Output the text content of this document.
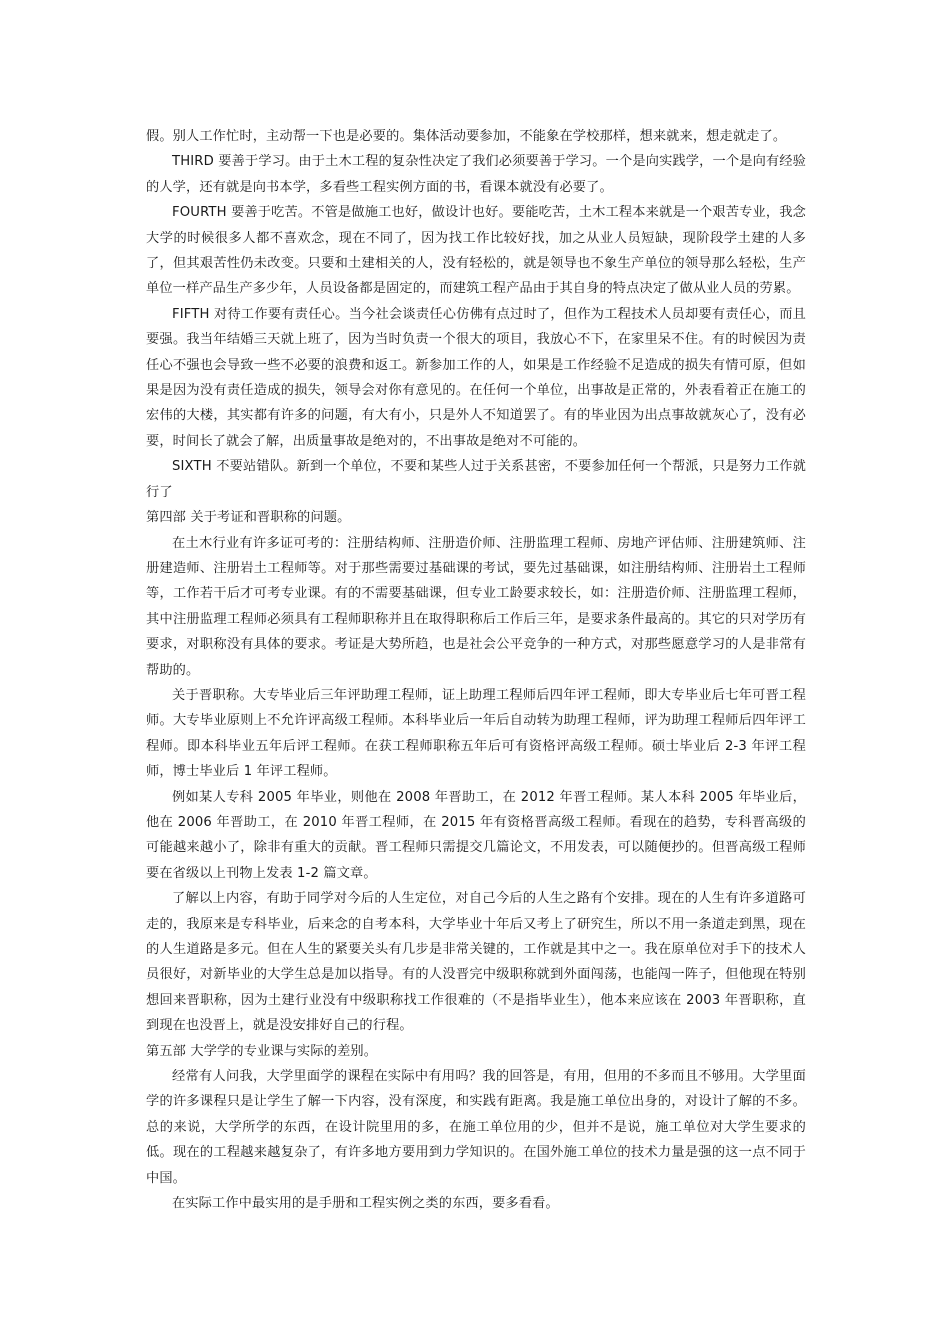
假。别人工作忙时，主动帮一下也是必要的。集体活动要参加，不能象在学校那样，想来就来，想走就走了。

THIRD 要善于学习。由于土木工程的复杂性决定了我们必须要善于学习。一个是向实践学，一个是向有经验的人学，还有就是向书本学，多看些工程实例方面的书，看课本就没有必要了。

FOURTH 要善于吃苦。不管是做施工也好，做设计也好。要能吃苦，土木工程本来就是一个艰苦专业，我念大学的时候很多人都不喜欢念，现在不同了，因为找工作比较好找，加之从业人员短缺，现阶段学土建的人多了，但其艰苦性仍未改变。只要和土建相关的人，没有轻松的，就是领导也不象生产单位的领导那么轻松，生产单位一样产品生产多少年，人员设备都是固定的，而建筑工程产品由于其自身的特点决定了做从业人员的劳累。

FIFTH 对待工作要有责任心。当今社会谈责任心仿佛有点过时了，但作为工程技术人员却要有责任心，而且要强。我当年结婚三天就上班了，因为当时负责一个很大的项目，我放心不下，在家里呆不住。有的时候因为责任心不强也会导致一些不必要的浪费和返工。新参加工作的人，如果是工作经验不足造成的损失有情可原，但如果是因为没有责任造成的损失，领导会对你有意见的。在任何一个单位，出事故是正常的，外表看着正在施工的宏伟的大楼，其实都有许多的问题，有大有小，只是外人不知道罢了。有的毕业因为出点事故就灰心了，没有必要，时间长了就会了解，出质量事故是绝对的，不出事故是绝对不可能的。

SIXTH 不要站错队。新到一个单位，不要和某些人过于关系甚密，不要参加任何一个帮派，只是努力工作就行了

第四部 关于考证和晋职称的问题。

在土木行业有许多证可考的：注册结构师、注册造价师、注册监理工程师、房地产评估师、注册建筑师、注册建造师、注册岩土工程师等。对于那些需要过基础课的考试，要先过基础课，如注册结构师、注册岩土工程师等，工作若干后才可考专业课。有的不需要基础课，但专业工龄要求较长，如：注册造价师、注册监理工程师，其中注册监理工程师必须具有工程师职称并且在取得职称后工作后三年，是要求条件最高的。其它的只对学历有要求，对职称没有具体的要求。考证是大势所趋，也是社会公平竞争的一种方式，对那些愿意学习的人是非常有帮助的。

关于晋职称。大专毕业后三年评助理工程师，证上助理工程师后四年评工程师，即大专毕业后七年可晋工程师。大专毕业原则上不允许评高级工程师。本科毕业后一年后自动转为助理工程师，评为助理工程师后四年评工程师。即本科毕业五年后评工程师。在获工程师职称五年后可有资格评高级工程师。硕士毕业后 2-3 年评工程师，博士毕业后 1 年评工程师。

例如某人专科 2005 年毕业，则他在 2008 年晋助工，在 2012 年晋工程师。某人本科 2005 年毕业后，他在 2006 年晋助工，在 2010 年晋工程师，在 2015 年有资格晋高级工程师。看现在的趋势，专科晋高级的可能越来越小了，除非有重大的贡献。晋工程师只需提交几篇论文，不用发表，可以随便抄的。但晋高级工程师要在省级以上刊物上发表 1-2 篇文章。

了解以上内容，有助于同学对今后的人生定位，对自己今后的人生之路有个安排。现在的人生有许多道路可走的，我原来是专科毕业，后来念的自考本科，大学毕业十年后又考上了研究生，所以不用一条道走到黑，现在的人生道路是多元。但在人生的紧要关头有几步是非常关键的，工作就是其中之一。我在原单位对手下的技术人员很好，对新毕业的大学生总是加以指导。有的人没晋完中级职称就到外面闯荡，也能闯一阵子，但他现在特别想回来晋职称，因为土建行业没有中级职称找工作很难的（不是指毕业生），他本来应该在 2003 年晋职称，直到现在也没晋上，就是没安排好自己的行程。

第五部 大学学的专业课与实际的差别。

经常有人问我，大学里面学的课程在实际中有用吗？我的回答是，有用，但用的不多而且不够用。大学里面学的许多课程只是让学生了解一下内容，没有深度，和实践有距离。我是施工单位出身的，对设计了解的不多。总的来说，大学所学的东西，在设计院里用的多，在施工单位用的少，但并不是说，施工单位对大学生要求的低。现在的工程越来越复杂了，有许多地方要用到力学知识的。在国外施工单位的技术力量是强的这一点不同于中国。

在实际工作中最实用的是手册和工程实例之类的东西，要多看看。
